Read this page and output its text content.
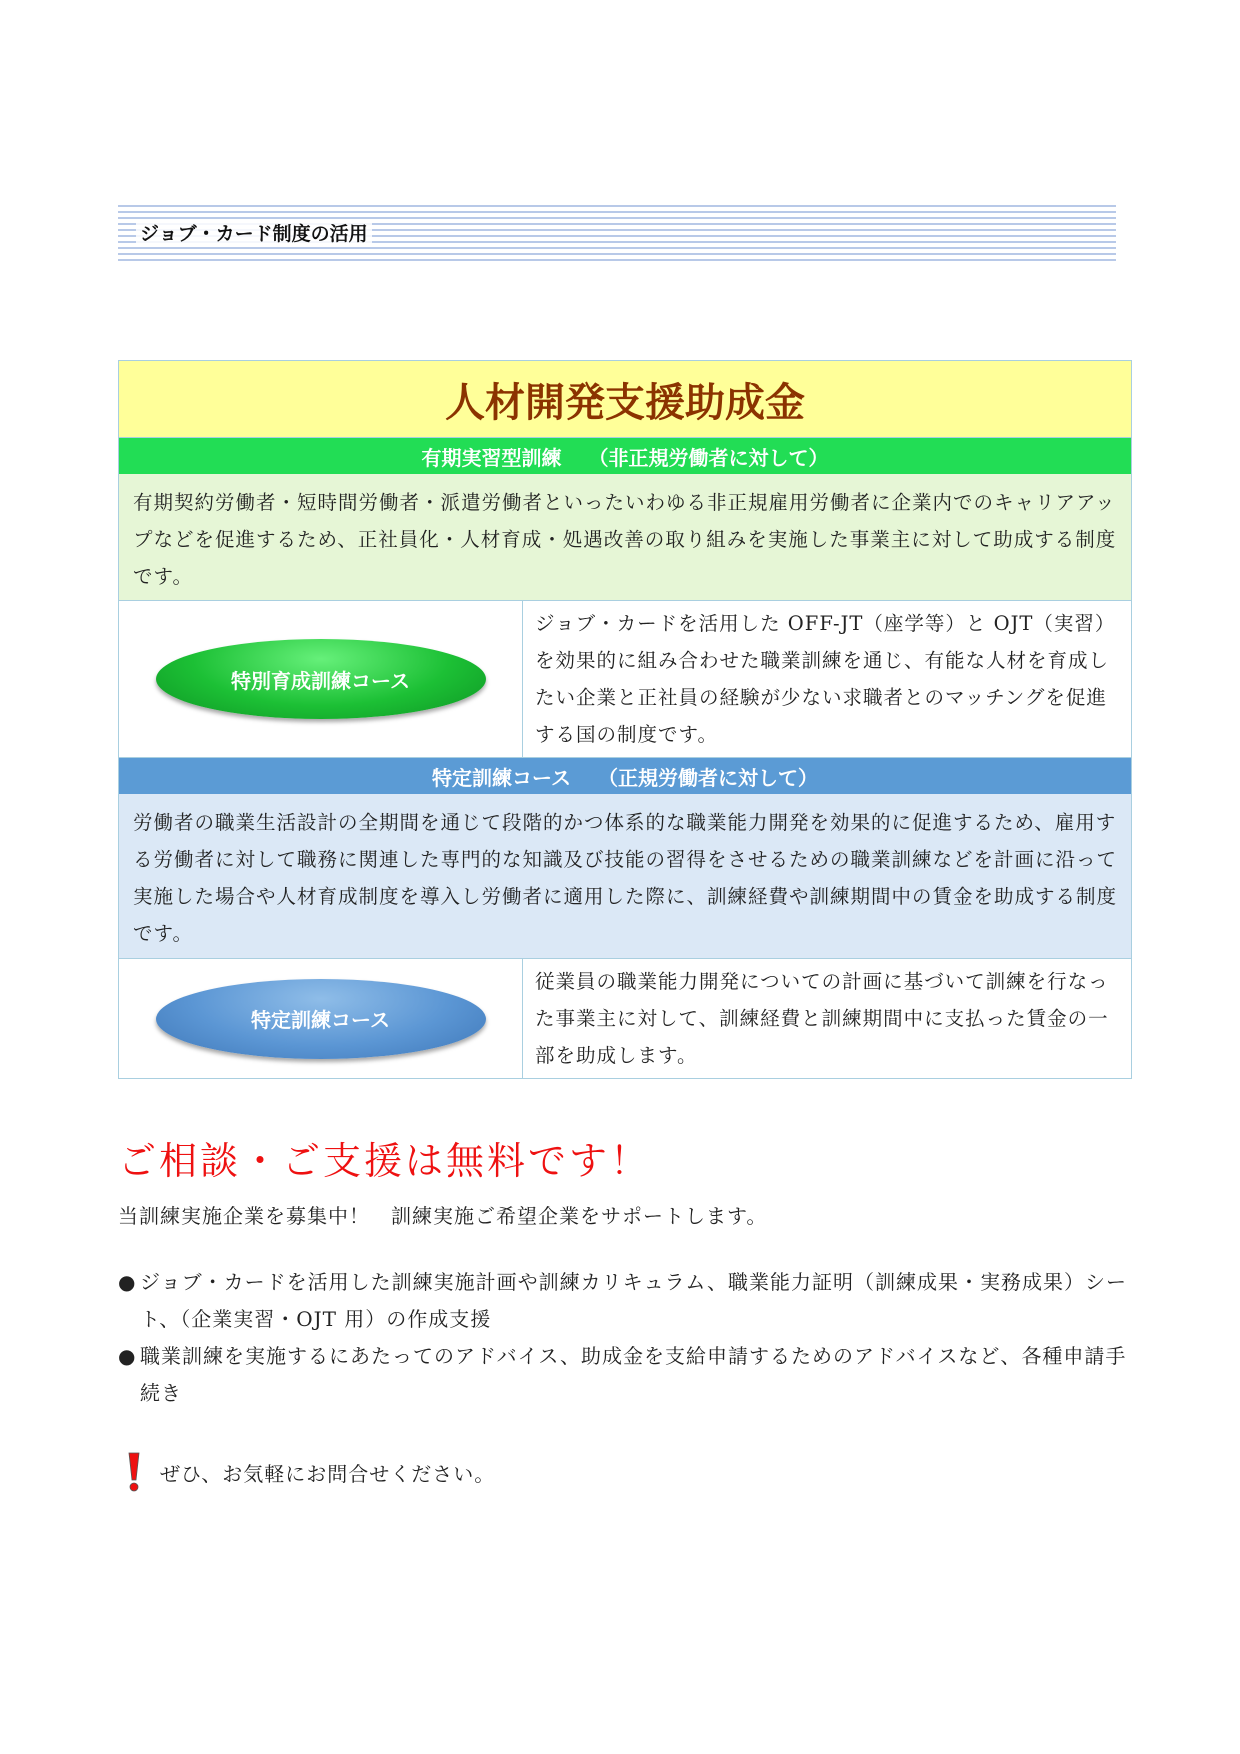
ジョブ・カード制度の活用
人材開発支援助成金
有期実習型訓練　 （非正規労働者に対して）
有期契約労働者・短時間労働者・派遣労働者といったいわゆる非正規雇用労働者に企業内でのキャリアアップなどを促進するため、正社員化・人材育成・処遇改善の取り組みを実施した事業主に対して助成する制度です。
特別育成訓練コース
ジョブ・カードを活用した OFF-JT（座学等）と OJT（実習）を効果的に組み合わせた職業訓練を通じ、有能な人材を育成したい企業と正社員の経験が少ない求職者とのマッチングを促進する国の制度です。
特定訓練コース　 （正規労働者に対して）
労働者の職業生活設計の全期間を通じて段階的かつ体系的な職業能力開発を効果的に促進するため、雇用する労働者に対して職務に関連した専門的な知識及び技能の習得をさせるための職業訓練などを計画に沿って実施した場合や人材育成制度を導入し労働者に適用した際に、訓練経費や訓練期間中の賃金を助成する制度です。
特定訓練コース
従業員の職業能力開発についての計画に基づいて訓練を行なった事業主に対して、訓練経費と訓練期間中に支払った賃金の一部を助成します。
ご相談・ご支援は無料です！
当訓練実施企業を募集中！　訓練実施ご希望企業をサポートします。
● ジョブ・カードを活用した訓練実施計画や訓練カリキュラム、職業能力証明（訓練成果・実務成果）シート、（企業実習・OJT 用）の作成支援
● 職業訓練を実施するにあたってのアドバイス、助成金を支給申請するためのアドバイスなど、各種申請手続き
ぜひ、お気軽にお問合せください。
